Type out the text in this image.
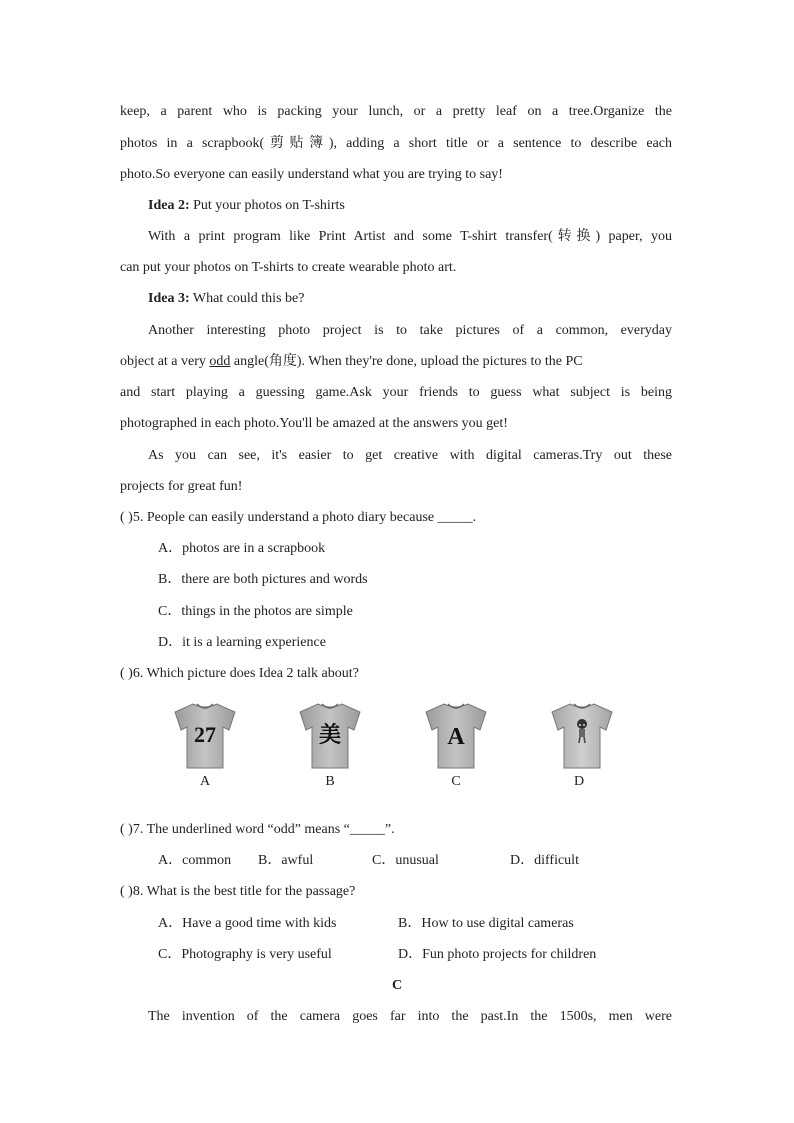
keep, a parent who is packing your lunch, or a pretty leaf on a tree.Organize the
photos in a scrapbook(剪贴簿), adding a short title or a sentence to describe each
photo.So everyone can easily understand what you are trying to say!
Idea 2: Put your photos on T-shirts
With a print program like Print Artist and some T-shirt transfer(转换) paper, you
can put your photos on T-shirts to create wearable photo art.
Idea 3: What could this be?
Another interesting photo project is to take pictures of a common, everyday
object at a very odd angle(角度). When they're done, upload the pictures to the PC
and start playing a guessing game.Ask your friends to guess what subject is being
photographed in each photo.You'll be amazed at the answers you get!
As you can see, it's easier to get creative with digital cameras.Try out these
projects for great fun!
( )5. People can easily understand a photo diary because _____.
A．photos are in a scrapbook
B．there are both pictures and words
C．things in the photos are simple
D．it is a learning experience
( )6. Which picture does Idea 2 talk about?
27	美	A
A	B	C	D
( )7. The underlined word “odd” means “_____”.
A．common B．awful	C．unusual	D．difficult
( )8. What is the best title for the passage?
A．Have a good time with kids	B．How to use digital cameras
C．Photography is very useful	D．Fun photo projects for children
C
The invention of the camera goes far into the past.In the 1500s, men were
